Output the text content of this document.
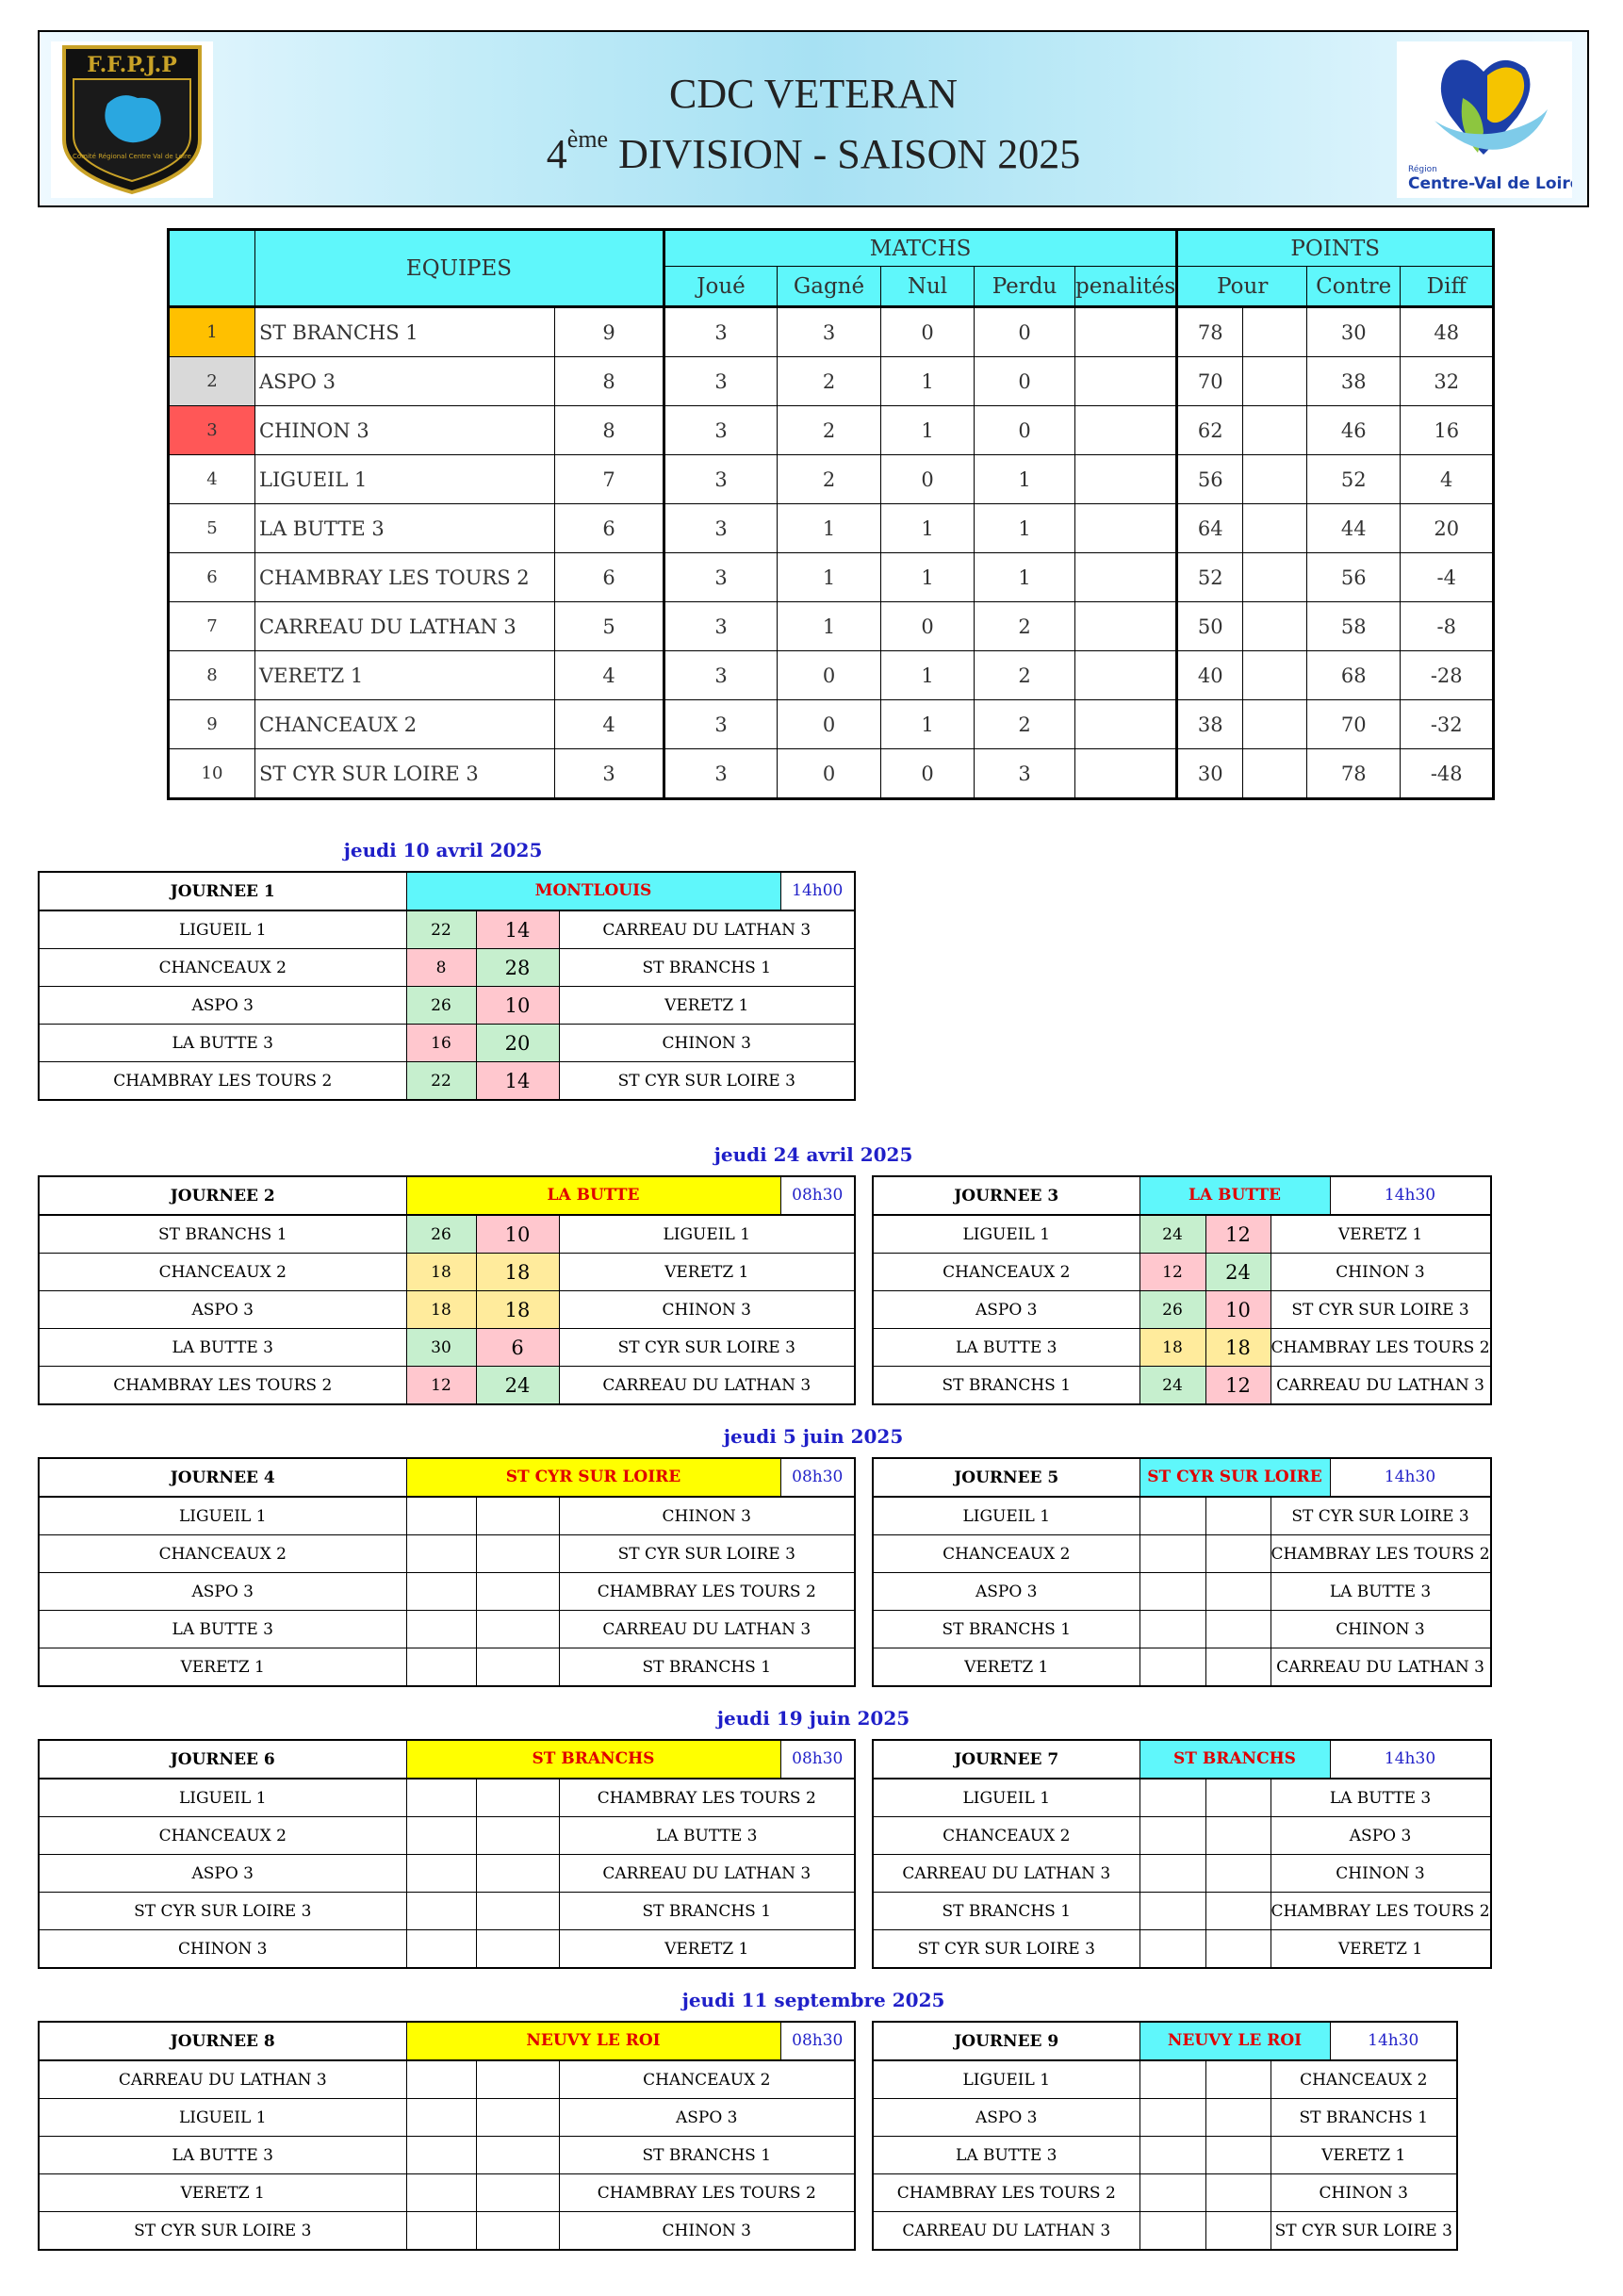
F.F.P.J.P
Comité Régional Centre Val de Loire
CDC VETERAN
4ème DIVISION - SAISON 2025	Région
Centre-Val de Loire
	EQUIPES		MATCHS					POINTS			
			Joué	Gagné	Nul	Perdu	penalités	Pour		Contre	Diff
1	ST BRANCHS 1	9	3	3	0	0		78		30	48
2	ASPO 3	8	3	2	1	0		70		38	32
3	CHINON 3	8	3	2	1	0		62		46	16
4	LIGUEIL 1	7	3	2	0	1		56		52	4
5	LA BUTTE 3	6	3	1	1	1		64		44	20
6	CHAMBRAY LES TOURS 2	6	3	1	1	1		52		56	-4
7	CARREAU DU LATHAN 3	5	3	1	0	2		50		58	-8
8	VERETZ 1	4	3	0	1	2		40		68	-28
9	CHANCEAUX 2	4	3	0	1	2		38		70	-32
10	ST CYR SUR LOIRE 3	3	3	0	0	3		30		78	-48
jeudi 10 avril 2025
JOURNEE 1	MONTLOUIS 14h00		

LIGUEIL 1	22	14	CARREAU DU LATHAN 3
CHANCEAUX 2	8	28	ST BRANCHS 1
ASPO 3	26	10	VERETZ 1
LA BUTTE 3	16	20	CHINON 3
CHAMBRAY LES TOURS 2	22	14	ST CYR SUR LOIRE 3
jeudi 24 avril 2025
JOURNEE 2	LA BUTTE 08h30		

ST BRANCHS 1	26	10	LIGUEIL 1
CHANCEAUX 2	18	18	VERETZ 1
ASPO 3	18	18	CHINON 3
LA BUTTE 3	30	6	ST CYR SUR LOIRE 3
CHAMBRAY LES TOURS 2	12	24	CARREAU DU LATHAN 3
JOURNEE 3	LA BUTTE 14h30		

LIGUEIL 1	24	12	VERETZ 1
CHANCEAUX 2	12	24	CHINON 3
ASPO 3	26	10	ST CYR SUR LOIRE 3
LA BUTTE 3	18	18	CHAMBRAY LES TOURS 2
ST BRANCHS 1	24	12	CARREAU DU LATHAN 3
jeudi 5 juin 2025
JOURNEE 4	ST CYR SUR LOIRE 08h30		

LIGUEIL 1			CHINON 3
CHANCEAUX 2			ST CYR SUR LOIRE 3
ASPO 3			CHAMBRAY LES TOURS 2
LA BUTTE 3			CARREAU DU LATHAN 3
VERETZ 1			ST BRANCHS 1
JOURNEE 5	ST CYR SUR LOIRE 14h30		

LIGUEIL 1			ST CYR SUR LOIRE 3
CHANCEAUX 2			CHAMBRAY LES TOURS 2
ASPO 3			LA BUTTE 3
ST BRANCHS 1			CHINON 3
VERETZ 1			CARREAU DU LATHAN 3
jeudi 19 juin 2025
JOURNEE 6	ST BRANCHS 08h30		

LIGUEIL 1			CHAMBRAY LES TOURS 2
CHANCEAUX 2			LA BUTTE 3
ASPO 3			CARREAU DU LATHAN 3
ST CYR SUR LOIRE 3			ST BRANCHS 1
CHINON 3			VERETZ 1
JOURNEE 7	ST BRANCHS 14h30		

LIGUEIL 1			LA BUTTE 3
CHANCEAUX 2			ASPO 3
CARREAU DU LATHAN 3			CHINON 3
ST BRANCHS 1			CHAMBRAY LES TOURS 2
ST CYR SUR LOIRE 3			VERETZ 1
jeudi 11 septembre 2025
JOURNEE 8	NEUVY LE ROI 08h30		

CARREAU DU LATHAN 3			CHANCEAUX 2
LIGUEIL 1			ASPO 3
LA BUTTE 3			ST BRANCHS 1
VERETZ 1			CHAMBRAY LES TOURS 2
ST CYR SUR LOIRE 3			CHINON 3
JOURNEE 9	NEUVY LE ROI 14h30		

LIGUEIL 1			CHANCEAUX 2
ASPO 3			ST BRANCHS 1
LA BUTTE 3			VERETZ 1
CHAMBRAY LES TOURS 2			CHINON 3
CARREAU DU LATHAN 3			ST CYR SUR LOIRE 3
